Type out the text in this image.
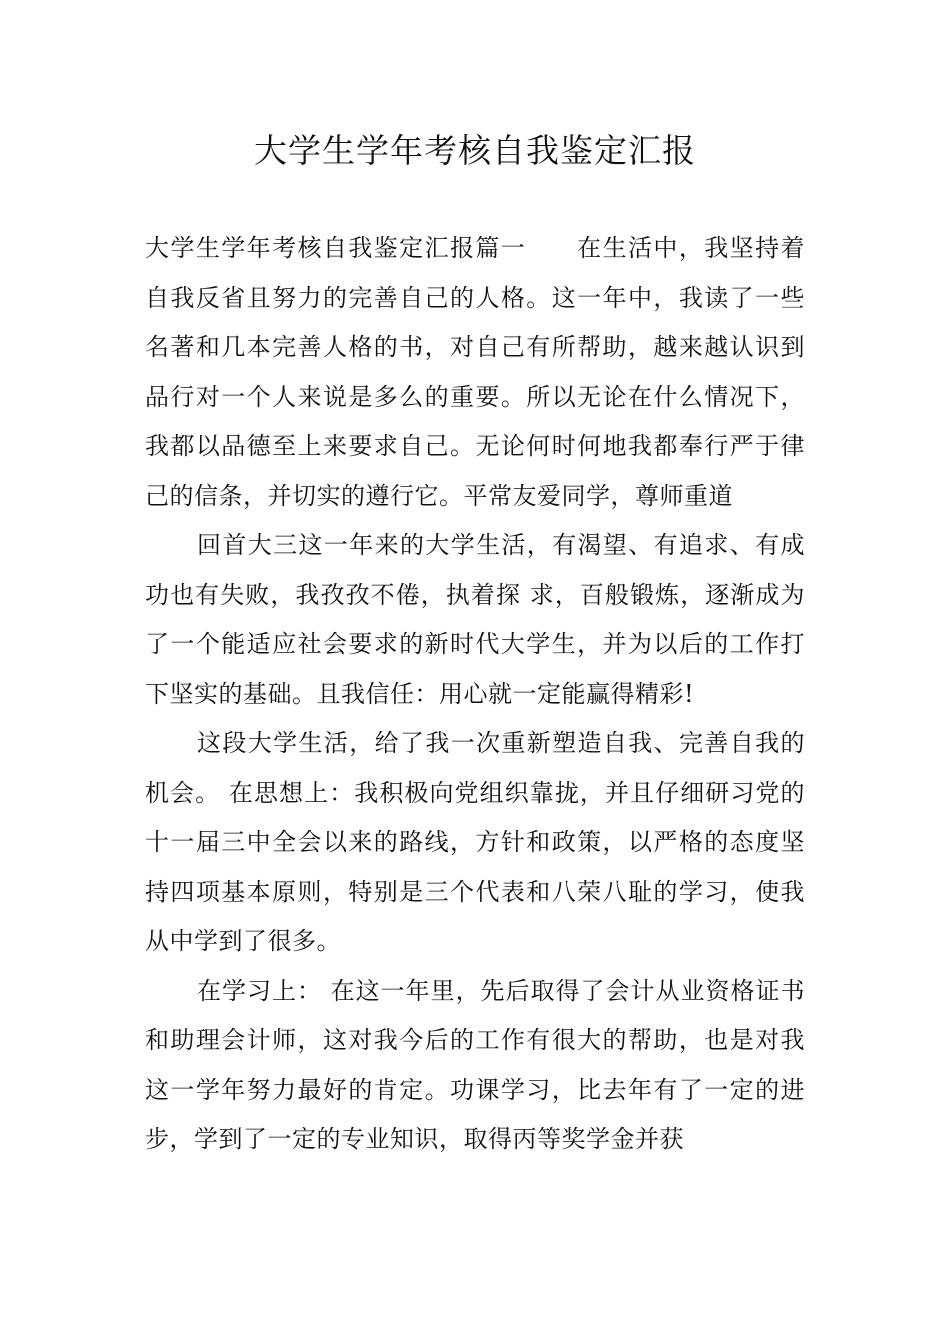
大学生学年考核自我鉴定汇报

大学生学年考核自我鉴定汇报篇一 在生活中，我坚持着自我反省且努力的完善自己的人格。这一年中，我读了一些名著和几本完善人格的书，对自己有所帮助，越来越认识到品行对一个人来说是多么的重要。所以无论在什么情况下，我都以品德至上来要求自己。无论何时何地我都奉行严于律己的信条，并切实的遵行它。平常友爱同学，尊师重道

回首大三这一年来的大学生活，有渴望、有追求、有成功也有失败，我孜孜不倦，执着探 求，百般锻炼，逐渐成为了一个能适应社会要求的新时代大学生，并为以后的工作打下坚实的基础。且我信任：用心就一定能赢得精彩!

这段大学生活，给了我一次重新塑造自我、完善自我的机会。 在思想上：我积极向党组织靠拢，并且仔细研习党的十一届三中全会以来的路线，方针和政策，以严格的态度坚持四项基本原则，特别是三个代表和八荣八耻的学习，使我从中学到了很多。

在学习上： 在这一年里，先后取得了会计从业资格证书和助理会计师，这对我今后的工作有很大的帮助，也是对我这一学年努力最好的肯定。功课学习，比去年有了一定的进步，学到了一定的专业知识，取得丙等奖学金并获
